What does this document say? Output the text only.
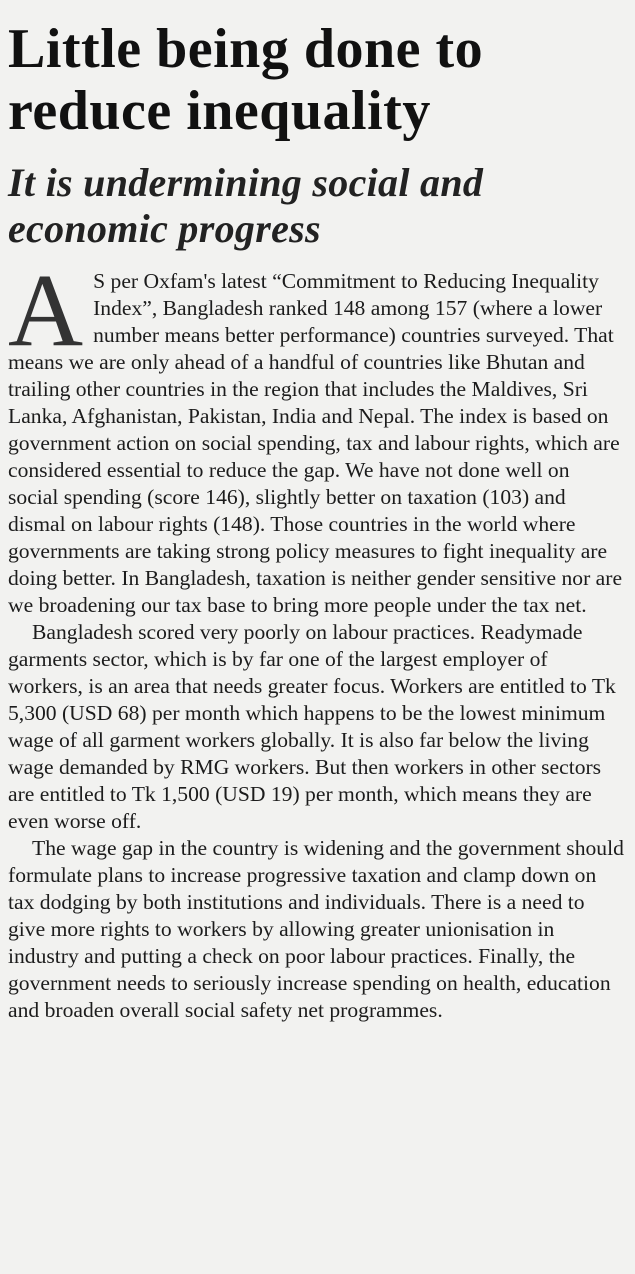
Little being done to reduce inequality
It is undermining social and economic progress

A S per Oxfam's latest “Commitment to Reducing Inequality Index”, Bangladesh ranked 148 among 157 (where a lower number means better performance) countries surveyed. That means we are only ahead of a handful of countries like Bhutan and trailing other countries in the region that includes the Maldives, Sri Lanka, Afghanistan, Pakistan, India and Nepal. The index is based on government action on social spending, tax and labour rights, which are considered essential to reduce the gap. We have not done well on social spending (score 146), slightly better on taxation (103) and dismal on labour rights (148). Those countries in the world where governments are taking strong policy measures to fight inequality are doing better. In Bangladesh, taxation is neither gender sensitive nor are we broadening our tax base to bring more people under the tax net.

Bangladesh scored very poorly on labour practices. Readymade garments sector, which is by far one of the largest employer of workers, is an area that needs greater focus. Workers are entitled to Tk 5,300 (USD 68) per month which happens to be the lowest minimum wage of all garment workers globally. It is also far below the living wage demanded by RMG workers. But then workers in other sectors are entitled to Tk 1,500 (USD 19) per month, which means they are even worse off.

The wage gap in the country is widening and the government should formulate plans to increase progressive taxation and clamp down on tax dodging by both institutions and individuals. There is a need to give more rights to workers by allowing greater unionisation in industry and putting a check on poor labour practices. Finally, the government needs to seriously increase spending on health, education and broaden overall social safety net programmes.
